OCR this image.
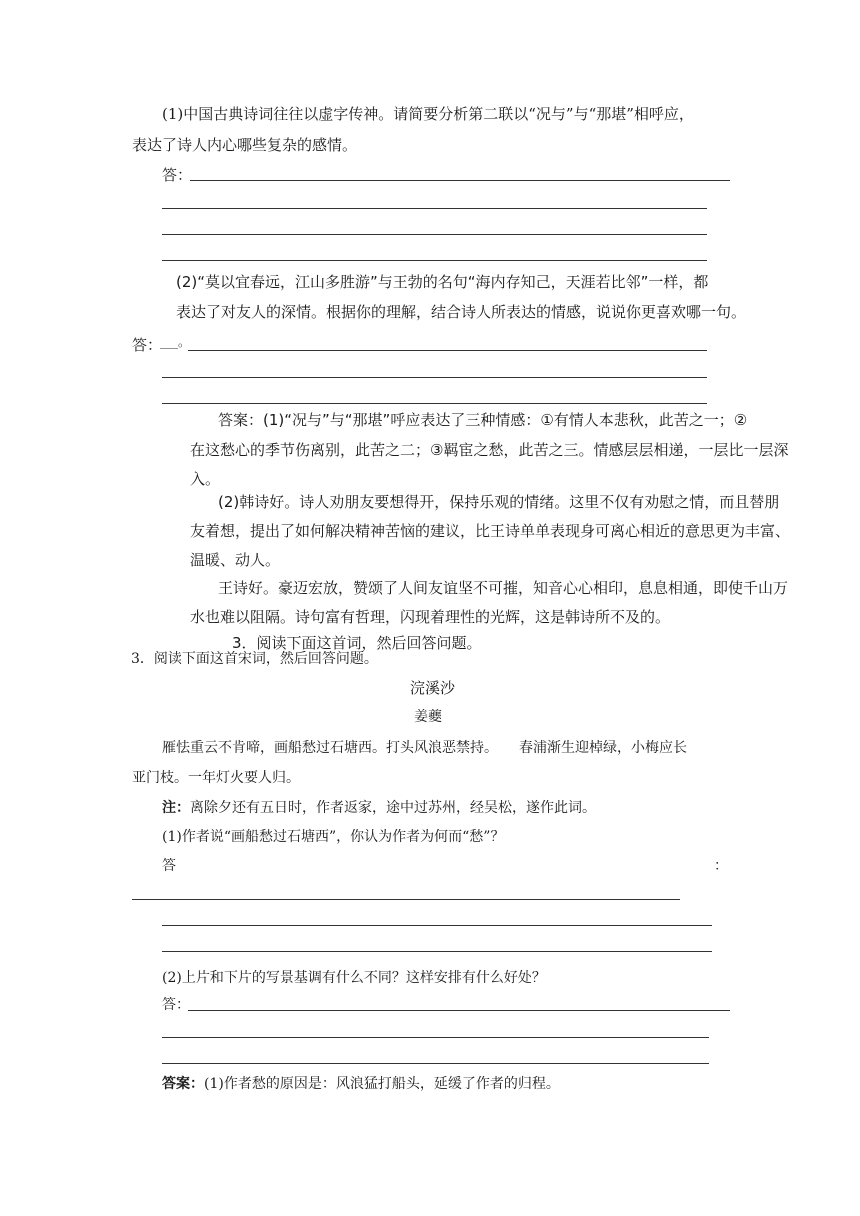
(1)中国古典诗词往往以虚字传神。请简要分析第二联以“况与”与“那堪”相呼应，
表达了诗人内心哪些复杂的感情。
答：
(2)“莫以宜春远，江山多胜游”与王勃的名句“海内存知己，天涯若比邻”一样，都
表达了对友人的深情。根据你的理解，结合诗人所表达的情感，说说你更喜欢哪一句。
答：
___。
答案：(1)“况与”与“那堪”呼应表达了三种情感：①有情人本悲秋，此苦之一；②
在这愁心的季节伤离别，此苦之二；③羁宦之愁，此苦之三。情感层层相递，一层比一层深
入。
(2)韩诗好。诗人劝朋友要想得开，保持乐观的情绪。这里不仅有劝慰之情，而且替朋
友着想，提出了如何解决精神苦恼的建议，比王诗单单表现身可离心相近的意思更为丰富、
温暖、动人。
王诗好。豪迈宏放，赞颂了人间友谊坚不可摧，知音心心相印，息息相通，即使千山万
水也难以阻隔。诗句富有哲理，闪现着理性的光辉，这是韩诗所不及的。
3．阅读下面这首词，然后回答问题。
3．阅读下面这首宋词，然后回答问题。
浣溪沙
姜夔
雁怯重云不肯啼，画船愁过石塘西。打头风浪恶禁持。　　春浦渐生迎棹绿，小梅应长
亚门枝。一年灯火要人归。
注： 离除夕还有五日时，作者返家，途中过苏州，经吴松，遂作此词。
(1)作者说“画船愁过石塘西”，你认为作者为何而“愁”？
答	：
(2)上片和下片的写景基调有什么不同？这样安排有什么好处？
答：
答案： (1)作者愁的原因是：风浪猛打船头，延缓了作者的归程。
